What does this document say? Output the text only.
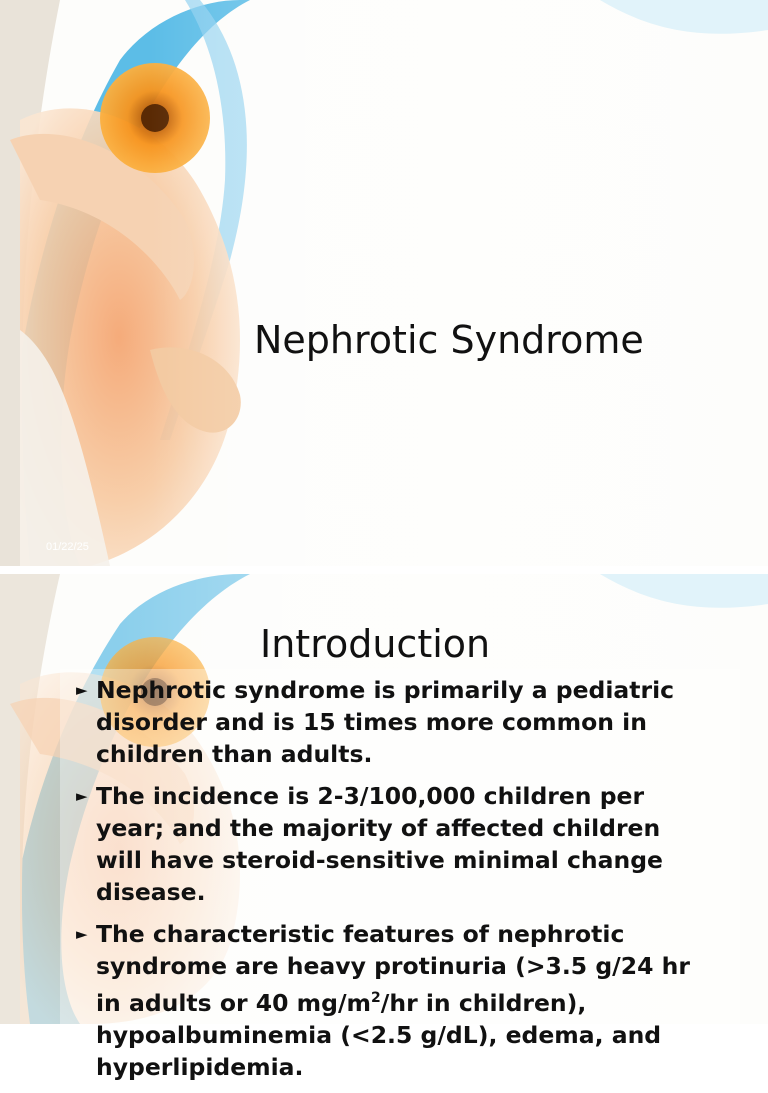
Nephrotic Syndrome
01/22/25
Introduction
► Nephrotic syndrome is primarily a pediatric disorder and is 15 times more common in children than adults.
► The incidence is 2-3/100,000 children per year; and the majority of affected children will have steroid-sensitive minimal change disease.
► The characteristic features of nephrotic syndrome are heavy protinuria (>3.5 g/24 hr in adults or 40 $mg/m^2/hr$ in children), hypoalbuminemia (<2.5 g/dL), edema, and hyperlipidemia.
